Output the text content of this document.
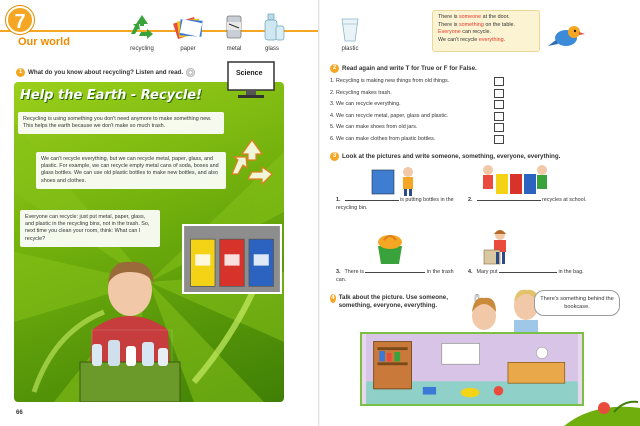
7
Our world
recycling	paper	metal	glass
1 What do you know about recycling? Listen and read.
Help the Earth - Recycle!
Recycling is using something you don't need anymore to make something new. This helps the earth because we don't make so much trash.
We can't recycle everything, but we can recycle metal, paper, glass, and plastic. For example, we can recycle empty metal cans of soda, boxes and glass bottles. We can use old plastic bottles to make new bottles, and also shoes and clothes.
Everyone can recycle: just put metal, paper, glass, and plastic in the recycling bins, not in the trash. So, next time you clean your room, think: What can I recycle?
Science
66
plastic
There is someone at the door.
There is something on the table.
Everyone can recycle.
We can't recycle everything.
2 Read again and write T for True or F for False.
1. Recycling is making new things from old things.
2. Recycling makes trash.
3. We can recycle everything.
4. We can recycle metal, paper, glass and plastic.
5. We can make shoes from old jars.
6. We can make clothes from plastic bottles.
3 Look at the pictures and write someone, something, everyone, everything.
1.	is putting bottles in the recycling bin.
2.	recycles at school.
3. There is	in the trash can.
4. Mary put	in the bag.
4 Talk about the picture. Use someone, something, everyone, everything.
There's something behind the bookcase.
